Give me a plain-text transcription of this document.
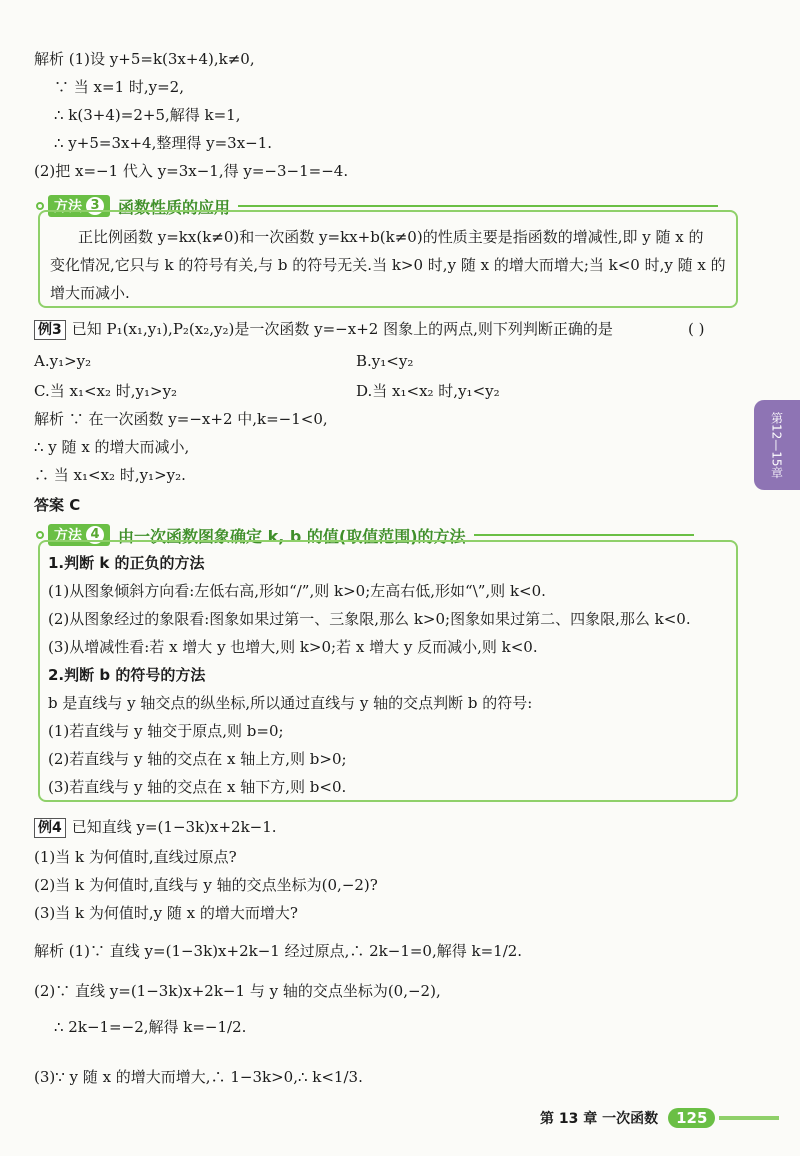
解析 (1)设 y+5=k(3x+4),k≠0,
∵ 当 x=1 时,y=2,
∴ k(3+4)=2+5,解得 k=1,
∴ y+5=3x+4,整理得 y=3x−1.
(2)把 x=−1 代入 y=3x−1,得 y=−3−1=−4.
方法 3 函数性质的应用
正比例函数 y=kx(k≠0)和一次函数 y=kx+b(k≠0)的性质主要是指函数的增减性,即 y 随 x 的
变化情况,它只与 k 的符号有关,与 b 的符号无关.当 k>0 时,y 随 x 的增大而增大;当 k<0 时,y 随 x 的
增大而减小.
例3 已知 P₁(x₁,y₁),P₂(x₂,y₂)是一次函数 y=−x+2 图象上的两点,则下列判断正确的是	( )
A.y₁>y₂	B.y₁<y₂
C.当 x₁<x₂ 时,y₁>y₂	D.当 x₁<x₂ 时,y₁<y₂
解析 ∵ 在一次函数 y=−x+2 中,k=−1<0,
∴ y 随 x 的增大而减小,
∴ 当 x₁<x₂ 时,y₁>y₂.
答案 C
方法 4 由一次函数图象确定 k, b 的值(取值范围)的方法
1.判断 k 的正负的方法
(1)从图象倾斜方向看:左低右高,形如“/”,则 k>0;左高右低,形如“\”,则 k<0.
(2)从图象经过的象限看:图象如果过第一、三象限,那么 k>0;图象如果过第二、四象限,那么 k<0.
(3)从增减性看:若 x 增大 y 也增大,则 k>0;若 x 增大 y 反而减小,则 k<0.
2.判断 b 的符号的方法
b 是直线与 y 轴交点的纵坐标,所以通过直线与 y 轴的交点判断 b 的符号:
(1)若直线与 y 轴交于原点,则 b=0;
(2)若直线与 y 轴的交点在 x 轴上方,则 b>0;
(3)若直线与 y 轴的交点在 x 轴下方,则 b<0.
例4 已知直线 y=(1−3k)x+2k−1.
(1)当 k 为何值时,直线过原点?
(2)当 k 为何值时,直线与 y 轴的交点坐标为(0,−2)?
(3)当 k 为何值时,y 随 x 的增大而增大?
解析 (1)∵ 直线 y=(1−3k)x+2k−1 经过原点,∴ 2k−1=0,解得 k=1/2.
(2)∵ 直线 y=(1−3k)x+2k−1 与 y 轴的交点坐标为(0,−2),
∴ 2k−1=−2,解得 k=−1/2.
(3)∵ y 随 x 的增大而增大,∴ 1−3k>0,∴ k<1/3.
第12—15章
第 13 章 一次函数	125
